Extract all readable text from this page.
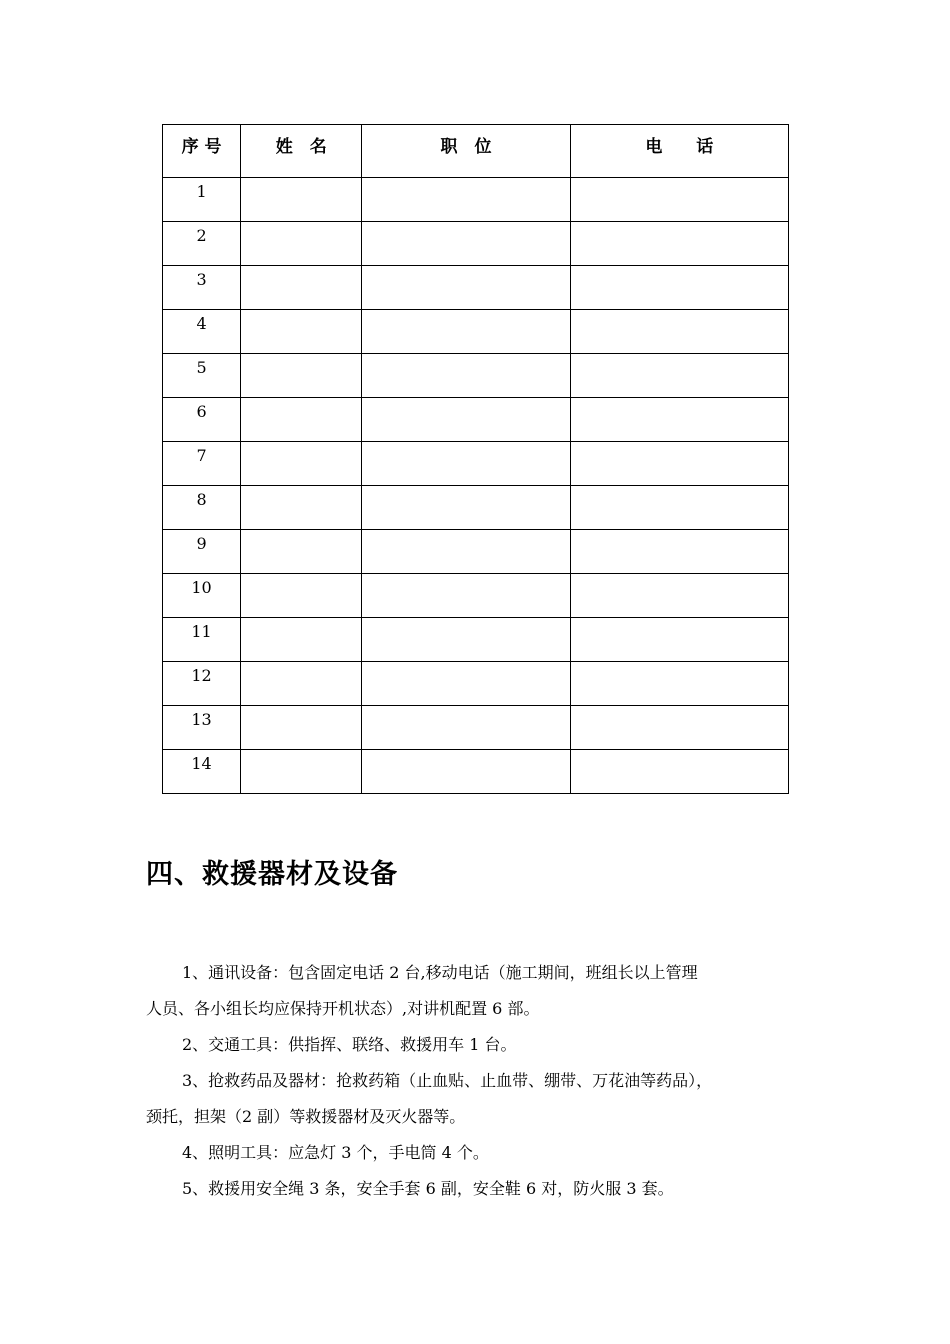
序 号	姓　名	职　位	电　　话
1			
2			
3			
4			
5			
6			
7			
8			
9			
10			
11			
12			
13			
14			
四、救援器材及设备

1、通讯设备：包含固定电话 2 台,移动电话（施工期间，班组长以上管理

人员、各小组长均应保持开机状态）,对讲机配置 6 部。

2、交通工具：供指挥、联络、救援用车 1 台。

3、抢救药品及器材：抢救药箱（止血贴、止血带、绷带、万花油等药品），

颈托，担架（2 副）等救援器材及灭火器等。

4、照明工具：应急灯 3 个，手电筒 4 个。

5、救援用安全绳 3 条，安全手套 6 副，安全鞋 6 对，防火服 3 套。
